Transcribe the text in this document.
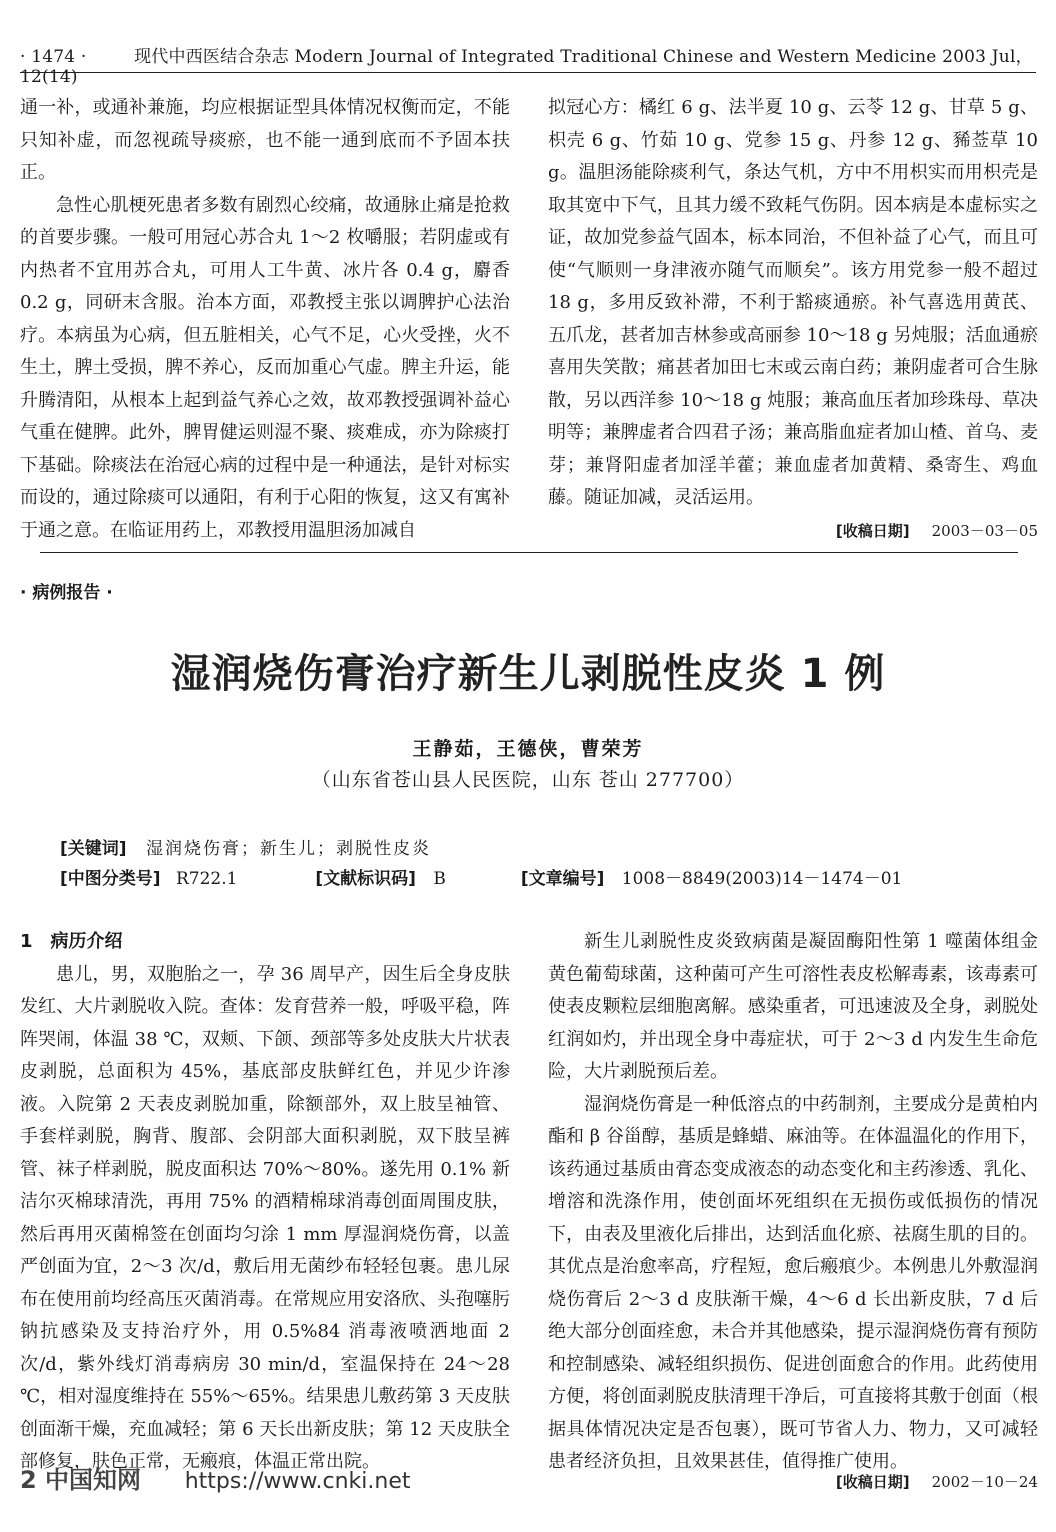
· 1474 ·	现代中西医结合杂志 Modern Journal of Integrated Traditional Chinese and Western Medicine 2003 Jul，12(14)

通一补，或通补兼施，均应根据证型具体情况权衡而定，不能只知补虚，而忽视疏导痰瘀，也不能一通到底而不予固本扶正。

急性心肌梗死患者多数有剧烈心绞痛，故通脉止痛是抢救的首要步骤。一般可用冠心苏合丸 1～2 枚嚼服；若阴虚或有内热者不宜用苏合丸，可用人工牛黄、冰片各 0.4 g，麝香 0.2 g，同研末含服。治本方面，邓教授主张以调脾护心法治疗。本病虽为心病，但五脏相关，心气不足，心火受挫，火不生土，脾土受损，脾不养心，反而加重心气虚。脾主升运，能升腾清阳，从根本上起到益气养心之效，故邓教授强调补益心气重在健脾。此外，脾胃健运则湿不聚、痰难成，亦为除痰打下基础。除痰法在治冠心病的过程中是一种通法，是针对标实而设的，通过除痰可以通阳，有利于心阳的恢复，这又有寓补于通之意。在临证用药上，邓教授用温胆汤加减自

拟冠心方：橘红 6 g、法半夏 10 g、云苓 12 g、甘草 5 g、枳壳 6 g、竹茹 10 g、党参 15 g、丹参 12 g、豨莶草 10 g。温胆汤能除痰利气，条达气机，方中不用枳实而用枳壳是取其宽中下气，且其力缓不致耗气伤阴。因本病是本虚标实之证，故加党参益气固本，标本同治，不但补益了心气，而且可使“气顺则一身津液亦随气而顺矣”。该方用党参一般不超过 18 g，多用反致补滞，不利于豁痰通瘀。补气喜选用黄芪、五爪龙，甚者加吉林参或高丽参 10～18 g 另炖服；活血通瘀喜用失笑散；痛甚者加田七末或云南白药；兼阴虚者可合生脉散，另以西洋参 10～18 g 炖服；兼高血压者加珍珠母、草决明等；兼脾虚者合四君子汤；兼高脂血症者加山楂、首乌、麦芽；兼肾阳虚者加淫羊藿；兼血虚者加黄精、桑寄生、鸡血藤。随证加减，灵活运用。

[收稿日期] 2003－03－05

· 病例报告 ·
湿润烧伤膏治疗新生儿剥脱性皮炎 1 例
王静茹，王德侠，曹荣芳
（山东省苍山县人民医院，山东 苍山 277700）
[关键词] 湿润烧伤膏；新生儿；剥脱性皮炎
[中图分类号] R722.1	[文献标识码] B	[文章编号] 1008－8849(2003)14－1474－01

1　病历介绍

患儿，男，双胞胎之一，孕 36 周早产，因生后全身皮肤发红、大片剥脱收入院。查体：发育营养一般，呼吸平稳，阵阵哭闹，体温 38 ℃，双颊、下颌、颈部等多处皮肤大片状表皮剥脱，总面积为 45%，基底部皮肤鲜红色，并见少许渗液。入院第 2 天表皮剥脱加重，除额部外，双上肢呈袖管、手套样剥脱，胸背、腹部、会阴部大面积剥脱，双下肢呈裤管、袜子样剥脱，脱皮面积达 70%～80%。遂先用 0.1% 新洁尔灭棉球清洗，再用 75% 的酒精棉球消毒创面周围皮肤，然后再用灭菌棉签在创面均匀涂 1 mm 厚湿润烧伤膏，以盖严创面为宜，2～3 次/d，敷后用无菌纱布轻轻包裹。患儿尿布在使用前均经高压灭菌消毒。在常规应用安洛欣、头孢噻肟钠抗感染及支持治疗外，用 0.5%84 消毒液喷洒地面 2 次/d，紫外线灯消毒病房 30 min/d，室温保持在 24～28 ℃，相对湿度维持在 55%～65%。结果患儿敷药第 3 天皮肤创面渐干燥，充血减轻；第 6 天长出新皮肤；第 12 天皮肤全部修复，肤色正常，无瘢痕，体温正常出院。

新生儿剥脱性皮炎致病菌是凝固酶阳性第 1 噬菌体组金黄色葡萄球菌，这种菌可产生可溶性表皮松解毒素，该毒素可使表皮颗粒层细胞离解。感染重者，可迅速波及全身，剥脱处红润如灼，并出现全身中毒症状，可于 2～3 d 内发生生命危险，大片剥脱预后差。

湿润烧伤膏是一种低溶点的中药制剂，主要成分是黄柏内酯和 β 谷甾醇，基质是蜂蜡、麻油等。在体温温化的作用下，该药通过基质由膏态变成液态的动态变化和主药渗透、乳化、增溶和洗涤作用，使创面坏死组织在无损伤或低损伤的情况下，由表及里液化后排出，达到活血化瘀、祛腐生肌的目的。其优点是治愈率高，疗程短，愈后瘢痕少。本例患儿外敷湿润烧伤膏后 2～3 d 皮肤渐干燥，4～6 d 长出新皮肤，7 d 后绝大部分创面痊愈，未合并其他感染，提示湿润烧伤膏有预防和控制感染、减轻组织损伤、促进创面愈合的作用。此药使用方便，将创面剥脱皮肤清理干净后，可直接将其敷于创面（根据具体情况决定是否包裹），既可节省人力、物力，又可减轻患者经济负担，且效果甚佳，值得推广使用。

2 中国知网 https://www.cnki.net	[收稿日期] 2002－10－24
